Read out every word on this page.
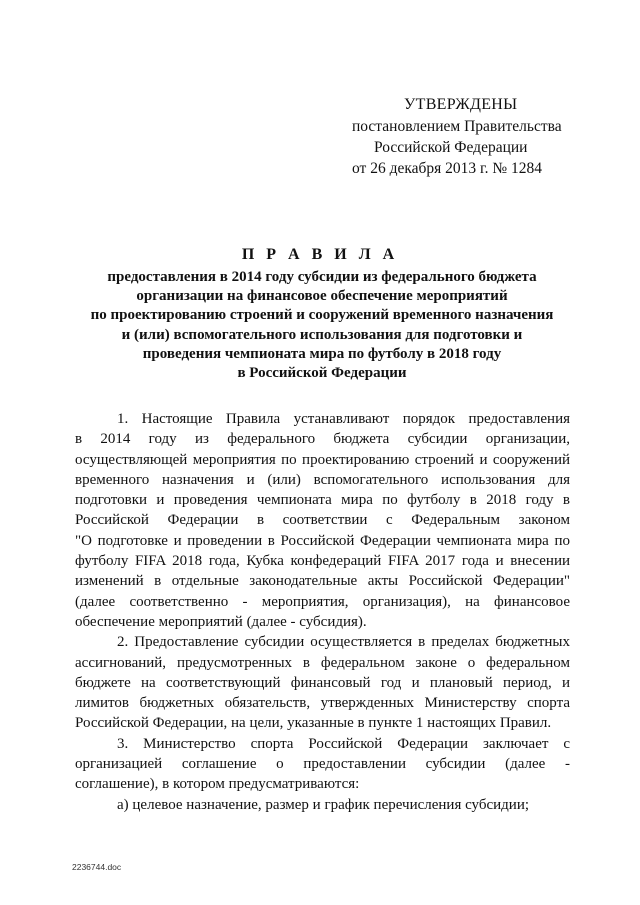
УТВЕРЖДЕНЫ
постановлением Правительства
Российской Федерации
от 26 декабря 2013 г. № 1284
П Р А В И Л А
предоставления в 2014 году субсидии из федерального бюджета
организации на финансовое обеспечение мероприятий
по проектированию строений и сооружений временного назначения
и (или) вспомогательного использования для подготовки и
проведения чемпионата мира по футболу в 2018 году
в Российской Федерации
1. Настоящие Правила устанавливают порядок предоставления
в 2014 году из федерального бюджета субсидии организации,
осуществляющей мероприятия по проектированию строений и сооружений
временного назначения и (или) вспомогательного использования для
подготовки и проведения чемпионата мира по футболу в 2018 году в
Российской Федерации в соответствии с Федеральным законом
"О подготовке и проведении в Российской Федерации чемпионата мира по
футболу FIFA 2018 года, Кубка конфедераций FIFA 2017 года и внесении
изменений в отдельные законодательные акты Российской Федерации"
(далее соответственно - мероприятия, организация), на финансовое
обеспечение мероприятий (далее - субсидия).
2. Предоставление субсидии осуществляется в пределах бюджетных
ассигнований, предусмотренных в федеральном законе о федеральном
бюджете на соответствующий финансовый год и плановый период, и
лимитов бюджетных обязательств, утвержденных Министерству спорта
Российской Федерации, на цели, указанные в пункте 1 настоящих Правил.
3. Министерство спорта Российской Федерации заключает с
организацией соглашение о предоставлении субсидии (далее -
соглашение), в котором предусматриваются:
а) целевое назначение, размер и график перечисления субсидии;
2236744.doc
